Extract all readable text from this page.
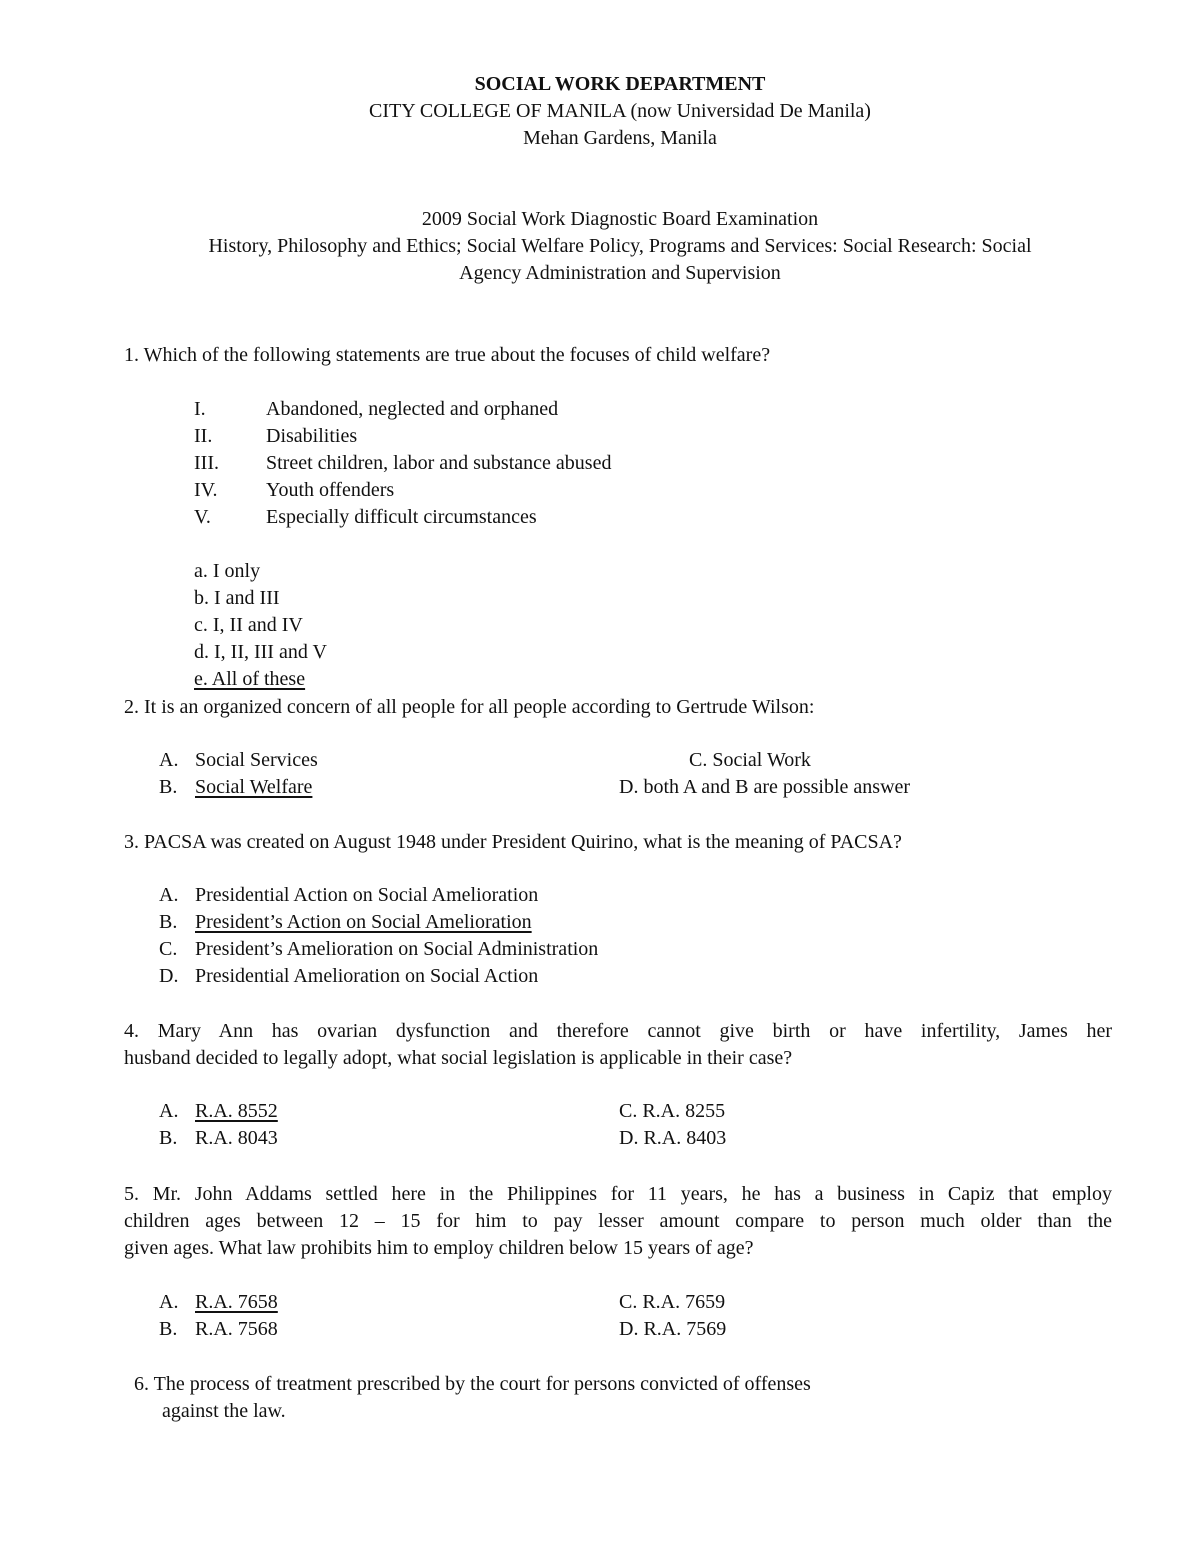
SOCIAL WORK DEPARTMENT
CITY COLLEGE OF MANILA (now Universidad De Manila)
Mehan Gardens, Manila
2009 Social Work Diagnostic Board Examination
History, Philosophy and Ethics; Social Welfare Policy, Programs and Services: Social Research: Social
Agency Administration and Supervision
1. Which of the following statements are true about the focuses of child welfare?
I.	Abandoned, neglected and orphaned
II.	Disabilities
III. Street children, labor and substance abused
IV. Youth offenders
V.	Especially difficult circumstances
a. I only
b. I and III
c. I, II and IV
d. I, II, III and V
e. All of these
2. It is an organized concern of all people for all people according to Gertrude Wilson:
A. Social Services
B. Social Welfare
C. Social Work
D. both A and B are possible answer
3. PACSA was created on August 1948 under President Quirino, what is the meaning of PACSA?
A. Presidential Action on Social Amelioration
B. President’s Action on Social Amelioration
C. President’s Amelioration on Social Administration
D. Presidential Amelioration on Social Action
4. Mary Ann has ovarian dysfunction and therefore cannot give birth or have infertility, James her
husband decided to legally adopt, what social legislation is applicable in their case?
A. R.A. 8552
B. R.A. 8043
C. R.A. 8255
D. R.A. 8403
5. Mr. John Addams settled here in the Philippines for 11 years, he has a business in Capiz that employ
children ages between 12 – 15 for him to pay lesser amount compare to person much older than the
given ages. What law prohibits him to employ children below 15 years of age?
A. R.A. 7658
B. R.A. 7568
C. R.A. 7659
D. R.A. 7569
6. The process of treatment prescribed by the court for persons convicted of offenses
against the law.
